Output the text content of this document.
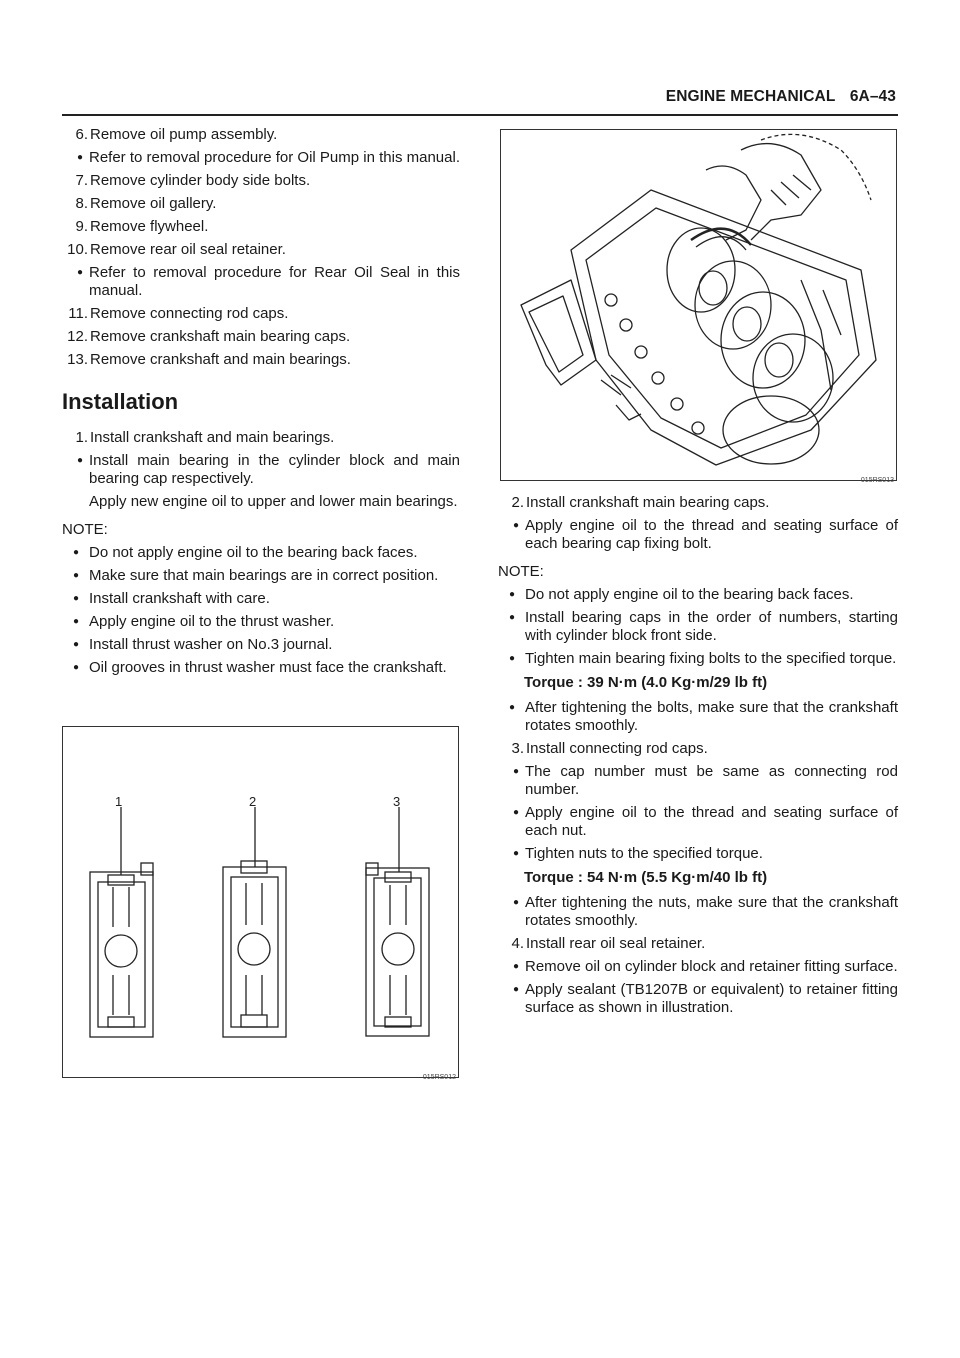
ENGINE MECHANICAL 6A–43
6. Remove oil pump assembly.
● Refer to removal procedure for Oil Pump in this manual.
7. Remove cylinder body side bolts.
8. Remove oil gallery.
9. Remove flywheel.
10. Remove rear oil seal retainer.
● Refer to removal procedure for Rear Oil Seal in this manual.
11. Remove connecting rod caps.
12. Remove crankshaft main bearing caps.
13. Remove crankshaft and main bearings.
Installation
1. Install crankshaft and main bearings.
● Install main bearing in the cylinder block and main bearing cap respectively.
Apply new engine oil to upper and lower main bearings.
NOTE:
● Do not apply engine oil to the bearing back faces.
● Make sure that main bearings are in correct position.
● Install crankshaft with care.
● Apply engine oil to the thrust washer.
● Install thrust washer on No.3 journal.
● Oil grooves in thrust washer must face the crankshaft.
015RS013
1	2	3
015RS012
2. Install crankshaft main bearing caps.
● Apply engine oil to the thread and seating surface of each bearing cap fixing bolt.
NOTE:
● Do not apply engine oil to the bearing back faces.
● Install bearing caps in the order of numbers, starting with cylinder block front side.
● Tighten main bearing fixing bolts to the specified torque.
Torque : 39 N·m (4.0 Kg·m/29 lb ft)
● After tightening the bolts, make sure that the crankshaft rotates smoothly.
3. Install connecting rod caps.
● The cap number must be same as connecting rod number.
● Apply engine oil to the thread and seating surface of each nut.
● Tighten nuts to the specified torque.
Torque : 54 N·m (5.5 Kg·m/40 lb ft)
● After tightening the nuts, make sure that the crankshaft rotates smoothly.
4. Install rear oil seal retainer.
● Remove oil on cylinder block and retainer fitting surface.
● Apply sealant (TB1207B or equivalent) to retainer fitting surface as shown in illustration.
